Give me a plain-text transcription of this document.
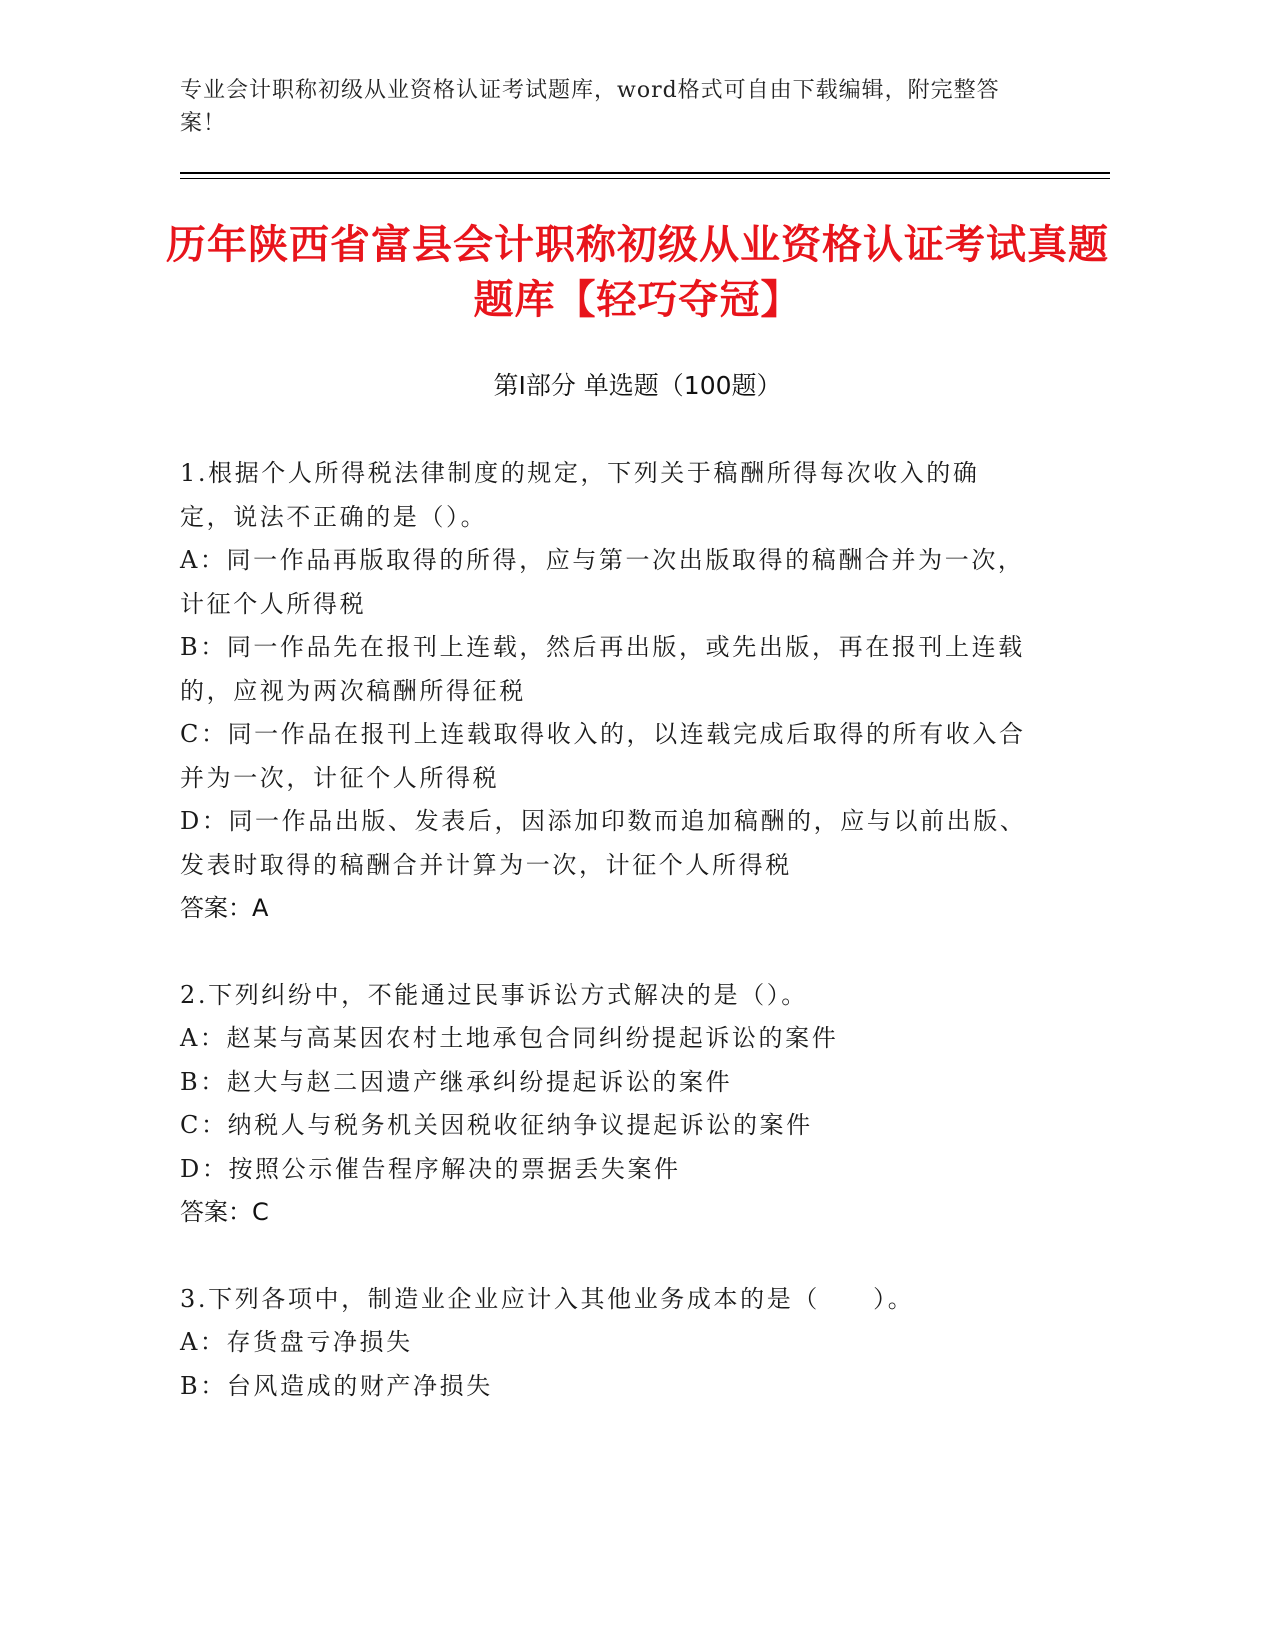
专业会计职称初级从业资格认证考试题库，word格式可自由下载编辑，附完整答案！
历年陕西省富县会计职称初级从业资格认证考试真题题库【轻巧夺冠】
第Ⅰ部分 单选题（100题）
1.根据个人所得税法律制度的规定，下列关于稿酬所得每次收入的确定，说法不正确的是（）。
A：同一作品再版取得的所得，应与第一次出版取得的稿酬合并为一次，计征个人所得税
B：同一作品先在报刊上连载，然后再出版，或先出版，再在报刊上连载的，应视为两次稿酬所得征税
C：同一作品在报刊上连载取得收入的，以连载完成后取得的所有收入合并为一次，计征个人所得税
D：同一作品出版、发表后，因添加印数而追加稿酬的，应与以前出版、发表时取得的稿酬合并计算为一次，计征个人所得税
答案：A
2.下列纠纷中，不能通过民事诉讼方式解决的是（）。
A：赵某与高某因农村土地承包合同纠纷提起诉讼的案件
B：赵大与赵二因遗产继承纠纷提起诉讼的案件
C：纳税人与税务机关因税收征纳争议提起诉讼的案件
D：按照公示催告程序解决的票据丢失案件
答案：C
3.下列各项中，制造业企业应计入其他业务成本的是（　　）。
A：存货盘亏净损失
B：台风造成的财产净损失
